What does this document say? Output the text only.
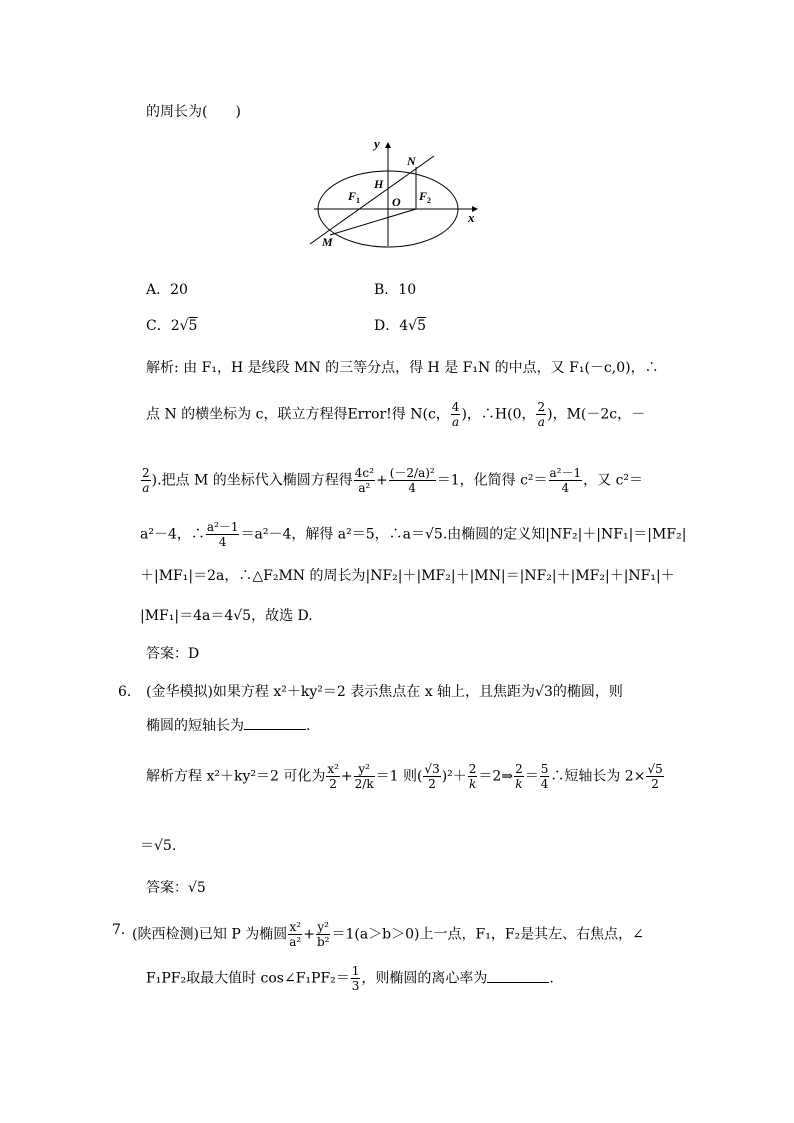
的周长为(　　)
y
x
N
H
F 1	O F 2
M
A．20	B．10
C．2√5	D．4√5
解析: 由 F₁，H 是线段 MN 的三等分点，得 H 是 F₁N 的中点，又 F₁(－c,0)，∴
点 N 的横坐标为 c，联立方程得Error!得 N(c， $\frac{4}{a}$ )，∴H(0， $\frac{2}{a}$ )，M(－2c，－
$\frac{2}{a}$ ).把点 M 的坐标代入椭圆方程得 $\frac{\text{4c²}}{\text{a²}} + \frac{\text{(－2/a)²}}{4} =1$，化简得 $c^2= \frac{\text{a²－1}}{4}$ ，又 c²＝
a²－4，∴ $\frac{\text{a²－1}}{4} =a^2-4$，解得 a²＝5，∴a＝√5.由椭圆的定义知|NF₂|＋|NF₁|＝|MF₂|
＋|MF₁|＝2a，∴△F₂MN 的周长为|NF₂|＋|MF₂|＋|MN|＝|NF₂|＋|MF₂|＋|NF₁|＋
|MF₁|＝4a＝4√5，故选 D.
答案：D
6． (金华模拟)如果方程 x²＋ky²＝2 表示焦点在 x 轴上，且焦距为√3的椭圆，则
椭圆的短轴长为	.
解析方程 x²＋ky²＝2 可化为 $\frac{\text{x²}}{2} + \frac{\text{y²}}{2/k} =1$ 则( $\frac{√3}{2} )^2+ \frac{2}{k}$ ＝2⇒ $\frac{2}{k} = \frac{5}{4}$ ∴短轴长为 $2\times \frac{√5}{2}$
＝√5.
答案：√5
7．
(陕西检测)已知 P 为椭圆 $\frac{\text{x²}}{\text{a²}} + \frac{\text{y²}}{\text{b²}} =1(a>b>0)$上一点，F₁，F₂是其左、右焦点，∠
F₁PF₂取最大值时 cos∠F₁PF₂＝ $\frac{1}{3}$ ，则椭圆的离心率为	.
